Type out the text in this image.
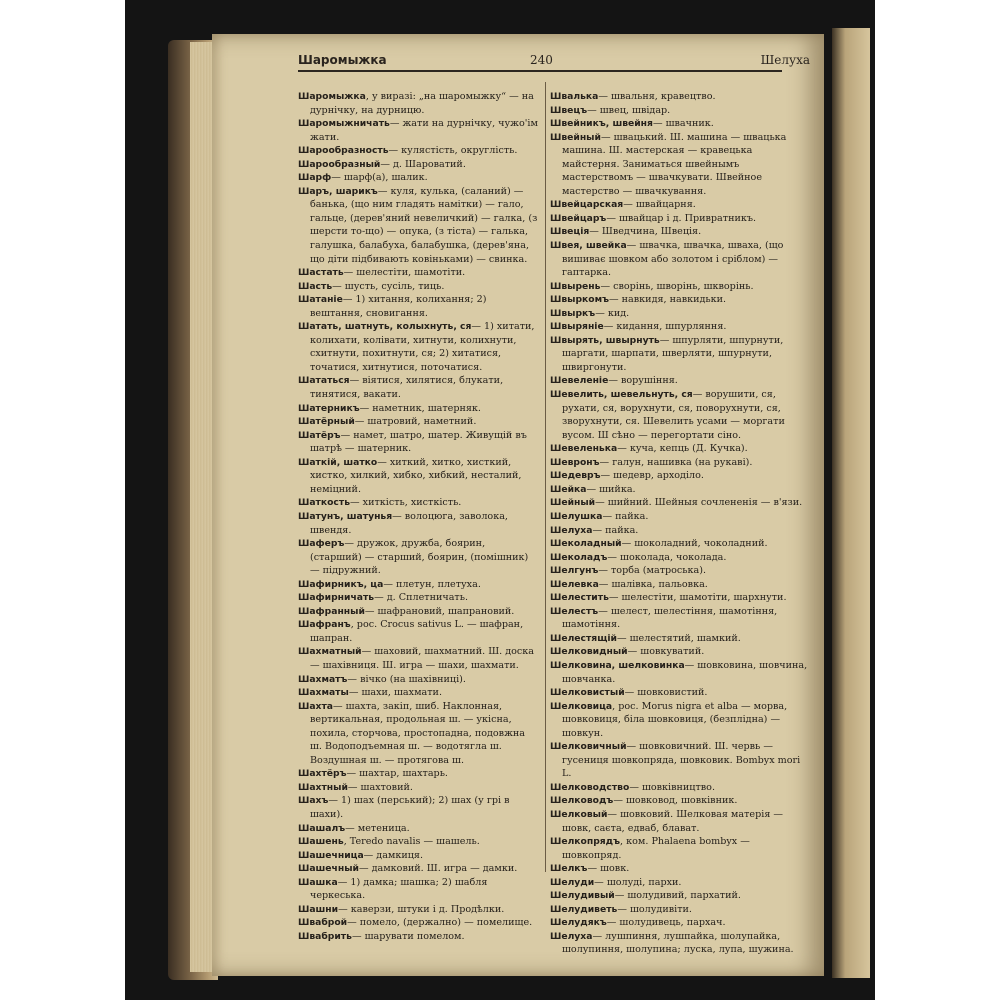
Шаромыжка	240	Шелуха

Шаромыжка, у виразі: „на шаромыжку“ — на дурнічку, на дурницю.

Шаромыжничать— жати на дурнічку, чужо'ім жати.

Шарообразность— кулястість, округлість.

Шарообразный— д. Шароватий.

Шарф— шарф(а), шалик.

Шаръ, шарикъ— куля, кулька, (саланий) — банька, (що ним гладять намітки) — гало, гальце, (дерев'яний невеличкий) — галка, (з шерсти то-що) — опука, (з тіста) — галька, галушка, балабуха, балабушка, (дерев'яна, що діти підбивають ковіньками) — свинка.

Шастать— шелестіти, шамотіти.

Шасть— шусть, сусіль, тиць.

Шатаніе— 1) хитання, колихання; 2) вештання, сновигання.

Шатать, шатнуть, колыхнуть, ся— 1) хитати, колихати, колівати, хитнути, колихнути, схитнути, похитнути, ся; 2) хитатися, точатися, хитнутися, поточатися.

Шататься— віятися, хилятися, блукати, тинятися, вакати.

Шатерникъ— наметник, шатерняк.

Шатёрный— шатровий, наметний.

Шатёръ— намет, шатро, шатер. Живущій въ шатрѣ — шатерник.

Шаткій, шатко— хиткий, хитко, хисткий, хистко, хилкий, хибко, хибкий, несталий, неміцний.

Шаткость— хиткість, хисткість.

Шатунъ, шатунья— волоцюга, заволока, швендя.

Шаферъ— дружок, дружба, боярин, (старший) — старший, боярин, (помішник) — підружний.

Шафирникъ, ца— плетун, плетуха.

Шафирничать— д. Сплетничать.

Шафранный— шафрановий, шапрановий.

Шафранъ, рос. Crocus sativus L. — шафран, шапран.

Шахматный— шаховий, шахматний. Ш. доска — шахівниця. Ш. игра — шахи, шахмати.

Шахматъ— вічко (на шахівниці).

Шахматы— шахи, шахмати.

Шахта— шахта, закіп, шиб. Наклонная, вертикальная, продольная ш. — укісна, похила, сторчова, простопадна, подовжна ш. Водоподъемная ш. — водотягла ш. Воздушная ш. — протягова ш.

Шахтёръ— шахтар, шахтарь.

Шахтный— шахтовий.

Шахъ— 1) шах (перський); 2) шах (у грі в шахи).

Шашалъ— метеница.

Шашень, Teredo navalis — шашель.

Шашечница— дамкиця.

Шашечный— дамковий. Ш. игра — дамки.

Шашка— 1) дамка; шашка; 2) шабля черкеська.

Шашни— каверзи, штуки і д. Продѣлки.

Шваброй— помело, (держално) — помелище.

Швабрить— шарувати помелом.

Швалька— швальня, кравецтво.

Швецъ— швец, швідар.

Швейникъ, швейня— швачник.

Швейный— швацький. Ш. машина — швацька машина. Ш. мастерская — кравецька майстерня. Заниматься швейнымъ мастерствомъ — швачкувати. Швейное мастерство — швачкування.

Швейцарская— швайцарня.

Швейцаръ— швайцар і д. Привратникъ.

Швеція— Шведчина, Швеція.

Швея, швейка— швачка, швачка, шваха, (що вишиває шовком або золотом і сріблом) — гаптарка.

Швырень— сворінь, шворінь, шкворінь.

Швыркомъ— навкидя, навкидьки.

Швыркъ— кид.

Швыряніе— кидання, шпурляння.

Швырять, швырнуть— шпурляти, шпурнути, шаргати, шарпати, шверляти, шпурнути, швиргонути.

Шевеленіе— ворушіння.

Шевелить, шевельнуть, ся— ворушити, ся, рухати, ся, ворухнути, ся, поворухнути, ся, зворухнути, ся. Шевелить усами — моргати вусом. Ш сѣно — перегортати сіно.

Шевеленька— куча, кепць (Д. Кучка).

Шевронъ— галун, нашивка (на рукаві).

Шедевръ— шедевр, арходіло.

Шейка— шийка.

Шейный— шийний. Шейныя сочлененія — в'язи.

Шелушка— пайка.

Шелуха— пайка.

Шеколадный— шоколадний, чоколадний.

Шеколадъ— шоколада, чоколада.

Шелгунъ— торба (матроська).

Шелевка— шалівка, пальовка.

Шелестить— шелестіти, шамотіти, шархнути.

Шелестъ— шелест, шелестіння, шамотіння, шамотіння.

Шелестящій— шелестятий, шамкий.

Шелковидный— шовкуватий.

Шелковина, шелковинка— шовковина, шовчина, шовчанка.

Шелковистый— шовковистий.

Шелковица, рос. Morus nigra et alba — морва, шовковиця, біла шовковиця, (безплідна) — шовкун.

Шелковичный— шовковичний. Ш. червь — гусениця шовкопряда, шовковик. Bombyx mori L.

Шелководство— шовківництво.

Шелководъ— шовковод, шовківник.

Шелковый— шовковий. Шелковая матерія — шовк, саєта, едваб, блават.

Шелкопрядъ, ком. Phalaena bombyx — шовкопряд.

Шелкъ— шовк.

Шелуди— шолуді, пархи.

Шелудивый— шолудивий, пархатий.

Шелудиветь— шолудивіти.

Шелудякъ— шолудивець, пархач.

Шелуха— лушпиння, лушпайка, шолупайка, шолупиння, шолупина; луска, лупа, шужина.
